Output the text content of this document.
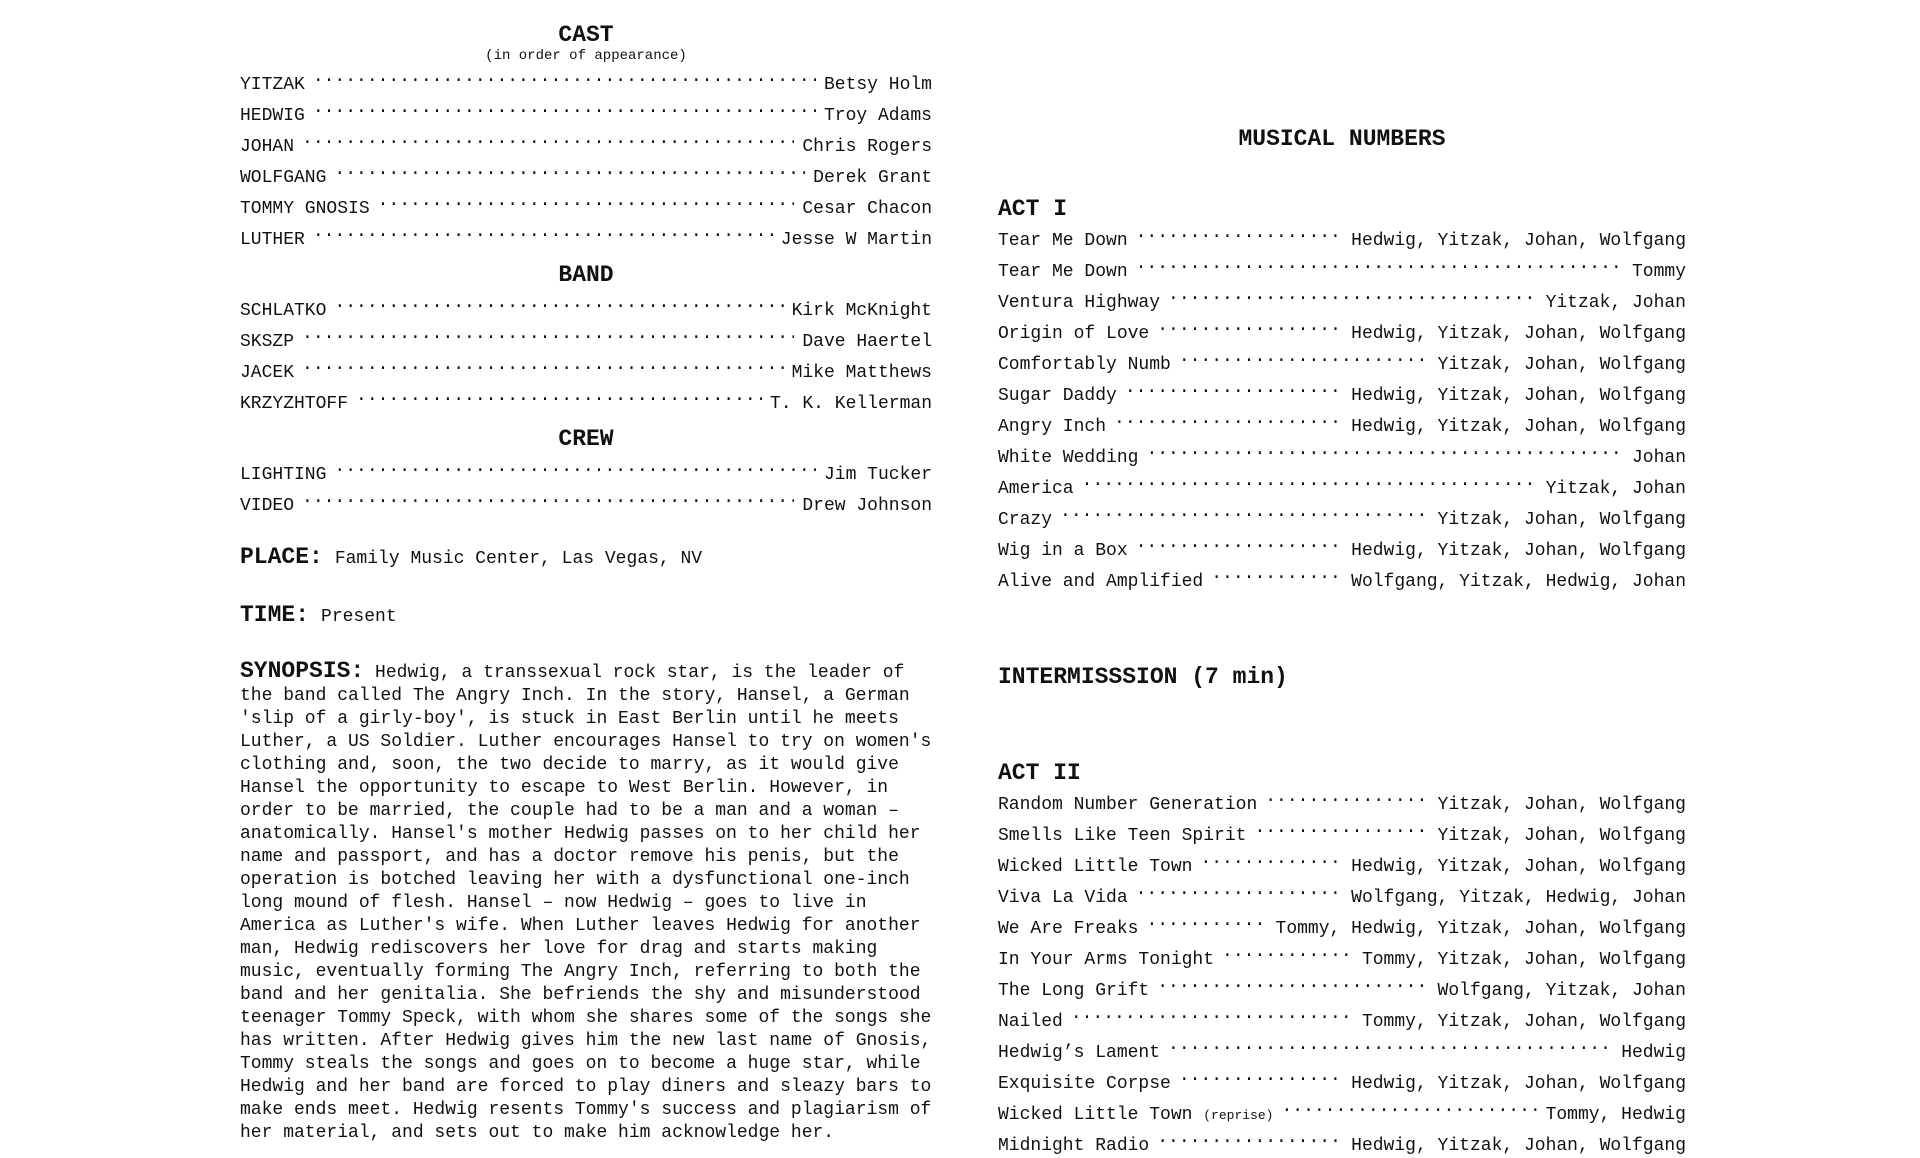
CAST
(in order of appearance)
YITZAK .....	Betsy Holm
HEDWIG .....	Troy Adams
JOHAN .....	Chris Rogers
WOLFGANG .....	Derek Grant
TOMMY GNOSIS .....	Cesar Chacon
LUTHER .....	Jesse W Martin
BAND
SCHLATKO .....	Kirk McKnight
SKSZP .....	Dave Haertel
JACEK .....	Mike Matthews
KRZYZHTOFF .....	T. K. Kellerman
CREW
LIGHTING .....	Jim Tucker
VIDEO .....	Drew Johnson

PLACE: Family Music Center, Las Vegas, NV

TIME: Present

SYNOPSIS: Hedwig, a transsexual rock star, is the leader of the band called The Angry Inch. In the story, Hansel, a German 'slip of a girly-boy', is stuck in East Berlin until he meets Luther, a US Soldier. Luther encourages Hansel to try on women's clothing and, soon, the two decide to marry, as it would give Hansel the opportunity to escape to West Berlin. However, in order to be married, the couple had to be a man and a woman – anatomically. Hansel's mother Hedwig passes on to her child her name and passport, and has a doctor remove his penis, but the operation is botched leaving her with a dysfunctional one-inch long mound of flesh. Hansel – now Hedwig – goes to live in America as Luther's wife. When Luther leaves Hedwig for another man, Hedwig rediscovers her love for drag and starts making music, eventually forming The Angry Inch, referring to both the band and her genitalia. She befriends the shy and misunderstood teenager Tommy Speck, with whom she shares some of the songs she has written. After Hedwig gives him the new last name of Gnosis, Tommy steals the songs and goes on to become a huge star, while Hedwig and her band are forced to play diners and sleazy bars to make ends meet. Hedwig resents Tommy's success and plagiarism of her material, and sets out to make him acknowledge her.

MUSICAL NUMBERS
ACT I
Tear Me Down .....	Hedwig, Yitzak, Johan, Wolfgang
Tear Me Down .....	Tommy
Ventura Highway .....	Yitzak, Johan
Origin of Love .....	Hedwig, Yitzak, Johan, Wolfgang
Comfortably Numb .....	Yitzak, Johan, Wolfgang
Sugar Daddy .....	Hedwig, Yitzak, Johan, Wolfgang
Angry Inch .....	Hedwig, Yitzak, Johan, Wolfgang
White Wedding .....	Johan
America .....	Yitzak, Johan
Crazy .....	Yitzak, Johan, Wolfgang
Wig in a Box .....	Hedwig, Yitzak, Johan, Wolfgang
Alive and Amplified .....	Wolfgang, Yitzak, Hedwig, Johan
INTERMISSSION (7 min)
ACT II
Random Number Generation .....	Yitzak, Johan, Wolfgang
Smells Like Teen Spirit .....	Yitzak, Johan, Wolfgang
Wicked Little Town .....	Hedwig, Yitzak, Johan, Wolfgang
Viva La Vida .....	Wolfgang, Yitzak, Hedwig, Johan
We Are Freaks .....	Tommy, Hedwig, Yitzak, Johan, Wolfgang
In Your Arms Tonight .....	Tommy, Yitzak, Johan, Wolfgang
The Long Grift .....	Wolfgang, Yitzak, Johan
Nailed .....	Tommy, Yitzak, Johan, Wolfgang
Hedwig’s Lament .....	Hedwig
Exquisite Corpse .....	Hedwig, Yitzak, Johan, Wolfgang
Wicked Little Town (reprise) .....	Tommy, Hedwig
Midnight Radio .....	Hedwig, Yitzak, Johan, Wolfgang
